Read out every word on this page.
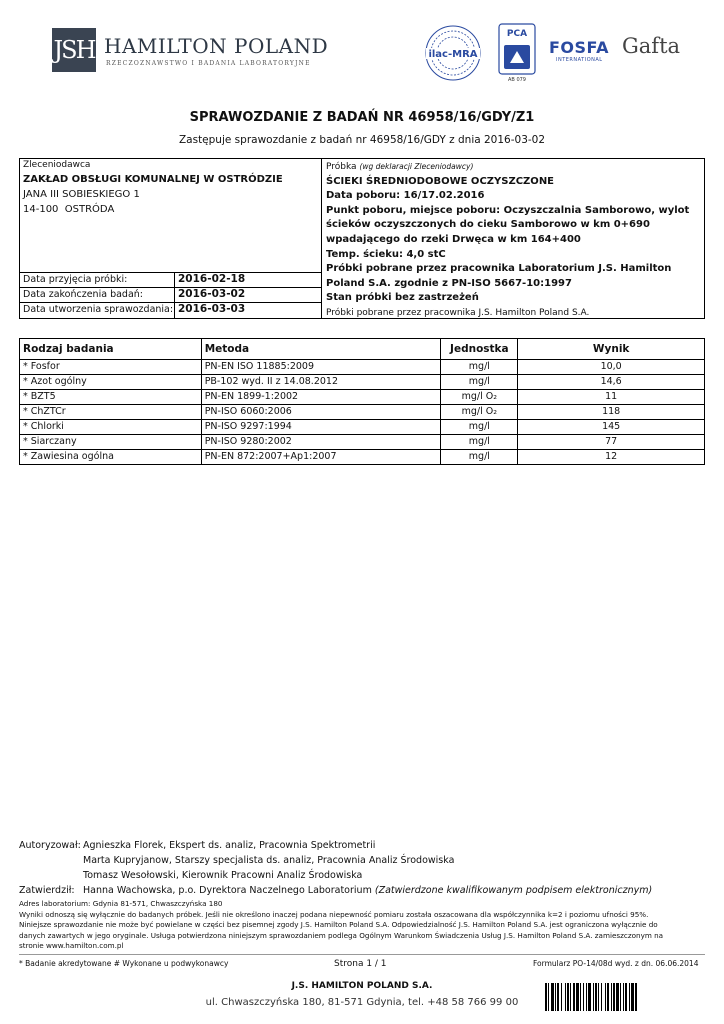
JSH HAMILTON POLAND
RZECZOZNAWSTWO I BADANIA LABORATORYJNE
ilac-MRA
PCA
AB 079
FOSFA
INTERNATIONAL
Gafta
SPRAWOZDANIE Z BADAŃ NR 46958/16/GDY/Z1
Zastępuje sprawozdanie z badań nr 46958/16/GDY z dnia 2016-03-02
Zleceniodawca
ZAKŁAD OBSŁUGI KOMUNALNEJ W OSTRÓDZIE
JANA III SOBIESKIEGO 1
14-100  OSTRÓDA
Data przyjęcia próbki:	2016-02-18
Data zakończenia badań:	2016-03-02
Data utworzenia sprawozdania: 2016-03-03
Próbka (wg deklaracji Zleceniodawcy)
ŚCIEKI ŚREDNIODOBOWE OCZYSZCZONE
Data poboru: 16/17.02.2016
Punkt poboru, miejsce poboru: Oczyszczalnia Samborowo, wylot
ścieków oczyszczonych do cieku Samborowo w km 0+690
wpadającego do rzeki Drwęca w km 164+400
Temp. ścieku: 4,0 stC
Próbki pobrane przez pracownika Laboratorium J.S. Hamilton
Poland S.A. zgodnie z PN-ISO 5667-10:1997
Stan próbki bez zastrzeżeń
Próbki pobrane przez pracownika J.S. Hamilton Poland S.A.
Rodzaj badania	Metoda	Jednostka	Wynik
* Fosfor	PN-EN ISO 11885:2009	mg/l	10,0
* Azot ogólny	PB-102 wyd. II z 14.08.2012	mg/l	14,6
* BZT5	PN-EN 1899-1:2002	mg/l O₂	11
* ChZTCr	PN-ISO 6060:2006	mg/l O₂	118
* Chlorki	PN-ISO 9297:1994	mg/l	145
* Siarczany	PN-ISO 9280:2002	mg/l	77
* Zawiesina ogólna	PN-EN 872:2007+Ap1:2007	mg/l	12
Autoryzował: Agnieszka Florek, Ekspert ds. analiz, Pracownia Spektrometrii
Marta Kupryjanow, Starszy specjalista ds. analiz, Pracownia Analiz Środowiska
Tomasz Wesołowski, Kierownik Pracowni Analiz Środowiska
Zatwierdził: Hanna Wachowska, p.o. Dyrektora Naczelnego Laboratorium (Zatwierdzone kwalifikowanym podpisem elektronicznym)
Adres laboratorium: Gdynia 81-571, Chwaszczyńska 180
Wyniki odnoszą się wyłącznie do badanych próbek. Jeśli nie określono inaczej podana niepewność pomiaru została oszacowana dla współczynnika k=2 i poziomu ufności 95%.
Niniejsze sprawozdanie nie może być powielane w części bez pisemnej zgody J.S. Hamilton Poland S.A. Odpowiedzialność J.S. Hamilton Poland S.A. jest ograniczona wyłącznie do
danych zawartych w jego oryginale. Usługa potwierdzona niniejszym sprawozdaniem podlega Ogólnym Warunkom Świadczenia Usług J.S. Hamilton Poland S.A. zamieszczonym na
stronie www.hamilton.com.pl
* Badanie akredytowane # Wykonane u podwykonawcy	Strona 1 / 1	Formularz PO-14/08d wyd. z dn. 06.06.2014
J.S. HAMILTON POLAND S.A.
ul. Chwaszczyńska 180, 81-571 Gdynia, tel. +48 58 766 99 00
